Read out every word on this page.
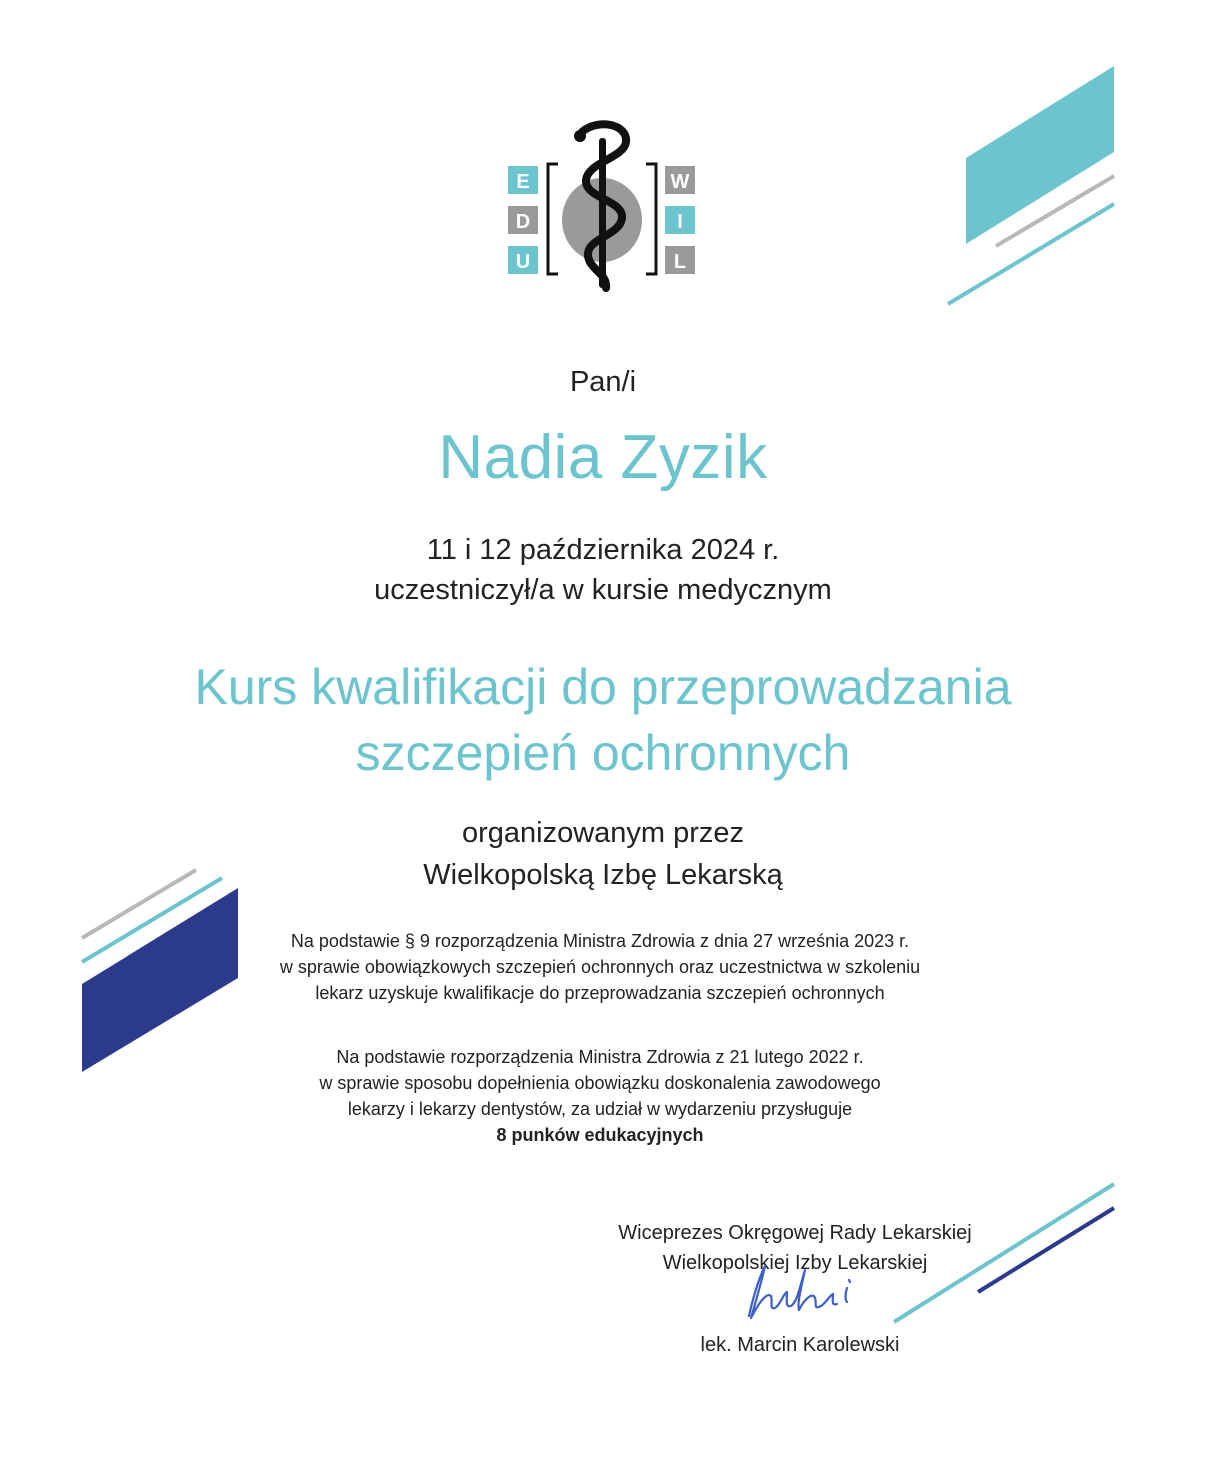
E
D
U
W
I
L
Pan/i
Nadia Zyzik
11 i 12 października 2024 r.
uczestniczył/a w kursie medycznym
Kurs kwalifikacji do przeprowadzania
szczepień ochronnych
organizowanym przez
Wielkopolską Izbę Lekarską
Na podstawie § 9 rozporządzenia Ministra Zdrowia z dnia 27 września 2023 r.
w sprawie obowiązkowych szczepień ochronnych oraz uczestnictwa w szkoleniu
lekarz uzyskuje kwalifikacje do przeprowadzania szczepień ochronnych
Na podstawie rozporządzenia Ministra Zdrowia z 21 lutego 2022 r.
w sprawie sposobu dopełnienia obowiązku doskonalenia zawodowego
lekarzy i lekarzy dentystów, za udział w wydarzeniu przysługuje
8 punków edukacyjnych
Wiceprezes Okręgowej Rady Lekarskiej
Wielkopolskiej Izby Lekarskiej
lek. Marcin Karolewski
